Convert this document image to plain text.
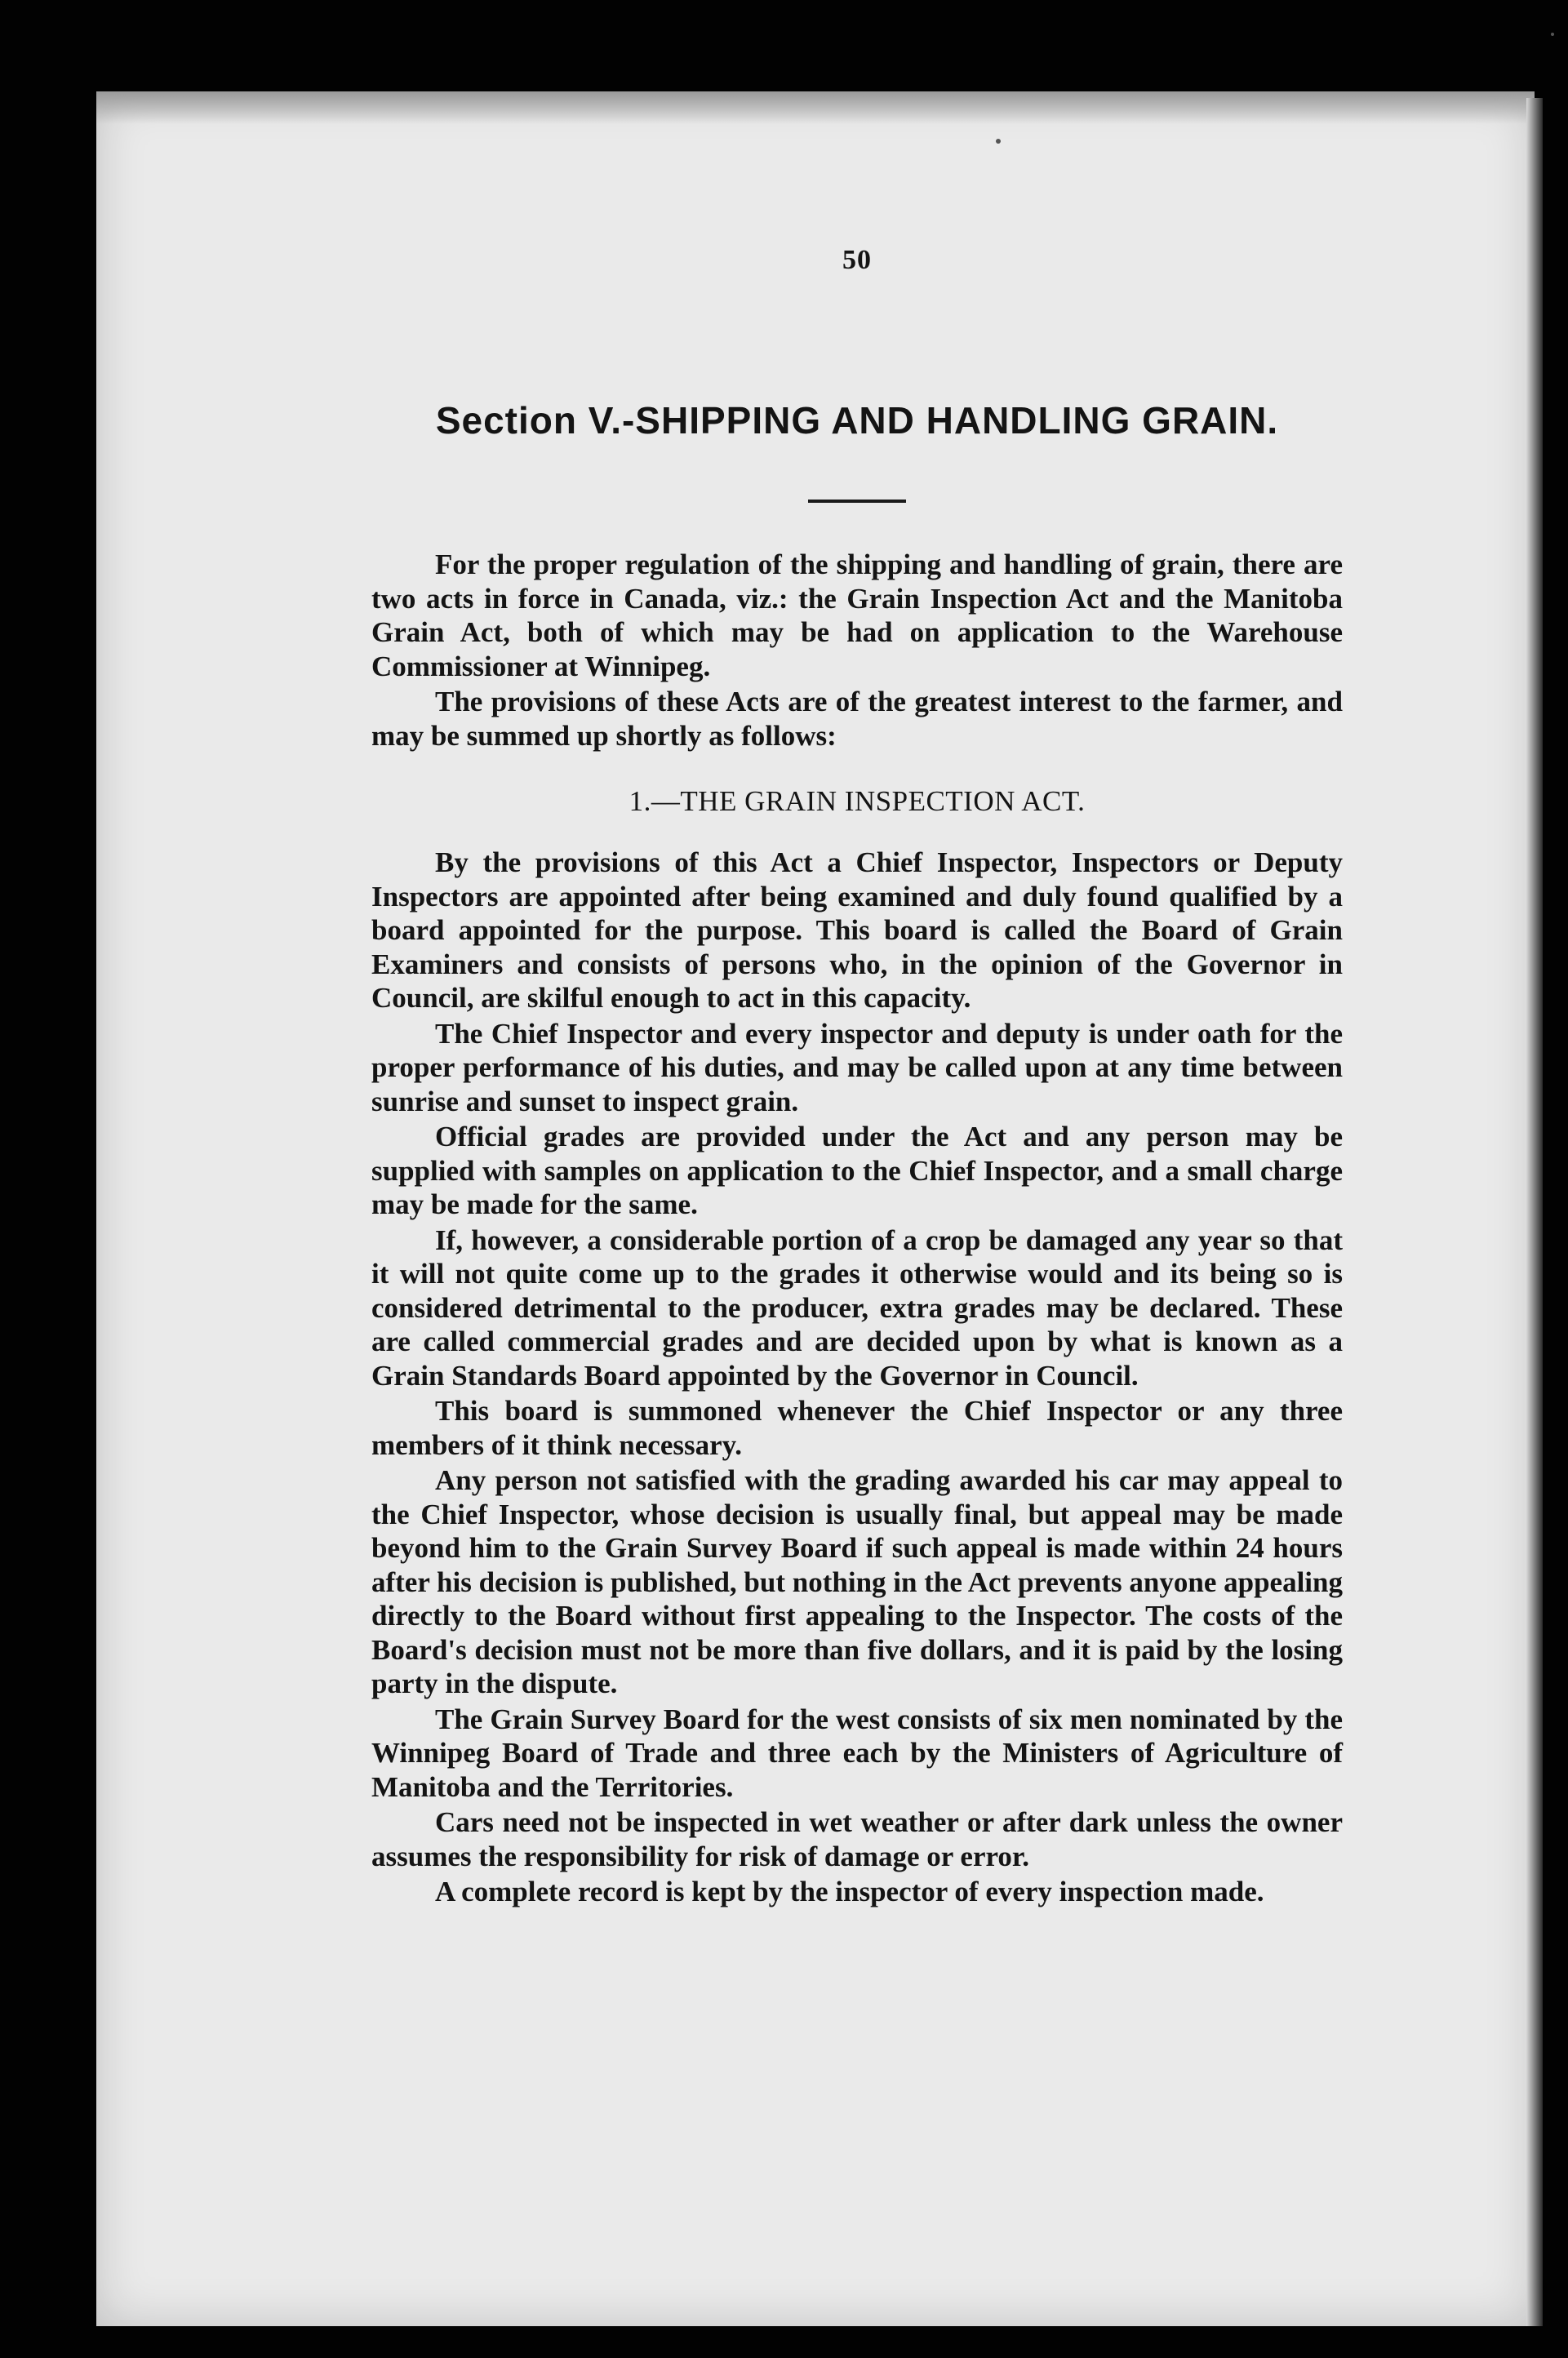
50
Section V.-SHIPPING AND HANDLING GRAIN.

For the proper regulation of the shipping and handling of grain, there are two acts in force in Canada, viz.: the Grain Inspection Act and the Manitoba Grain Act, both of which may be had on application to the Warehouse Commissioner at Winnipeg.

The provisions of these Acts are of the greatest interest to the farmer, and may be summed up shortly as follows:

1.—THE GRAIN INSPECTION ACT.

By the provisions of this Act a Chief Inspector, Inspectors or Deputy Inspectors are appointed after being examined and duly found qualified by a board appointed for the purpose. This board is called the Board of Grain Examiners and consists of persons who, in the opinion of the Governor in Council, are skilful enough to act in this capacity.

The Chief Inspector and every inspector and deputy is under oath for the proper performance of his duties, and may be called upon at any time between sunrise and sunset to inspect grain.

Official grades are provided under the Act and any person may be supplied with samples on application to the Chief Inspector, and a small charge may be made for the same.

If, however, a considerable portion of a crop be damaged any year so that it will not quite come up to the grades it otherwise would and its being so is considered detrimental to the producer, extra grades may be declared. These are called commercial grades and are decided upon by what is known as a Grain Standards Board appointed by the Governor in Council.

This board is summoned whenever the Chief Inspector or any three members of it think necessary.

Any person not satisfied with the grading awarded his car may appeal to the Chief Inspector, whose decision is usually final, but appeal may be made beyond him to the Grain Survey Board if such appeal is made within 24 hours after his decision is published, but nothing in the Act prevents anyone appealing directly to the Board without first appealing to the Inspector. The costs of the Board's decision must not be more than five dollars, and it is paid by the losing party in the dispute.

The Grain Survey Board for the west consists of six men nominated by the Winnipeg Board of Trade and three each by the Ministers of Agriculture of Manitoba and the Territories.

Cars need not be inspected in wet weather or after dark unless the owner assumes the responsibility for risk of damage or error.

A complete record is kept by the inspector of every inspection made.
